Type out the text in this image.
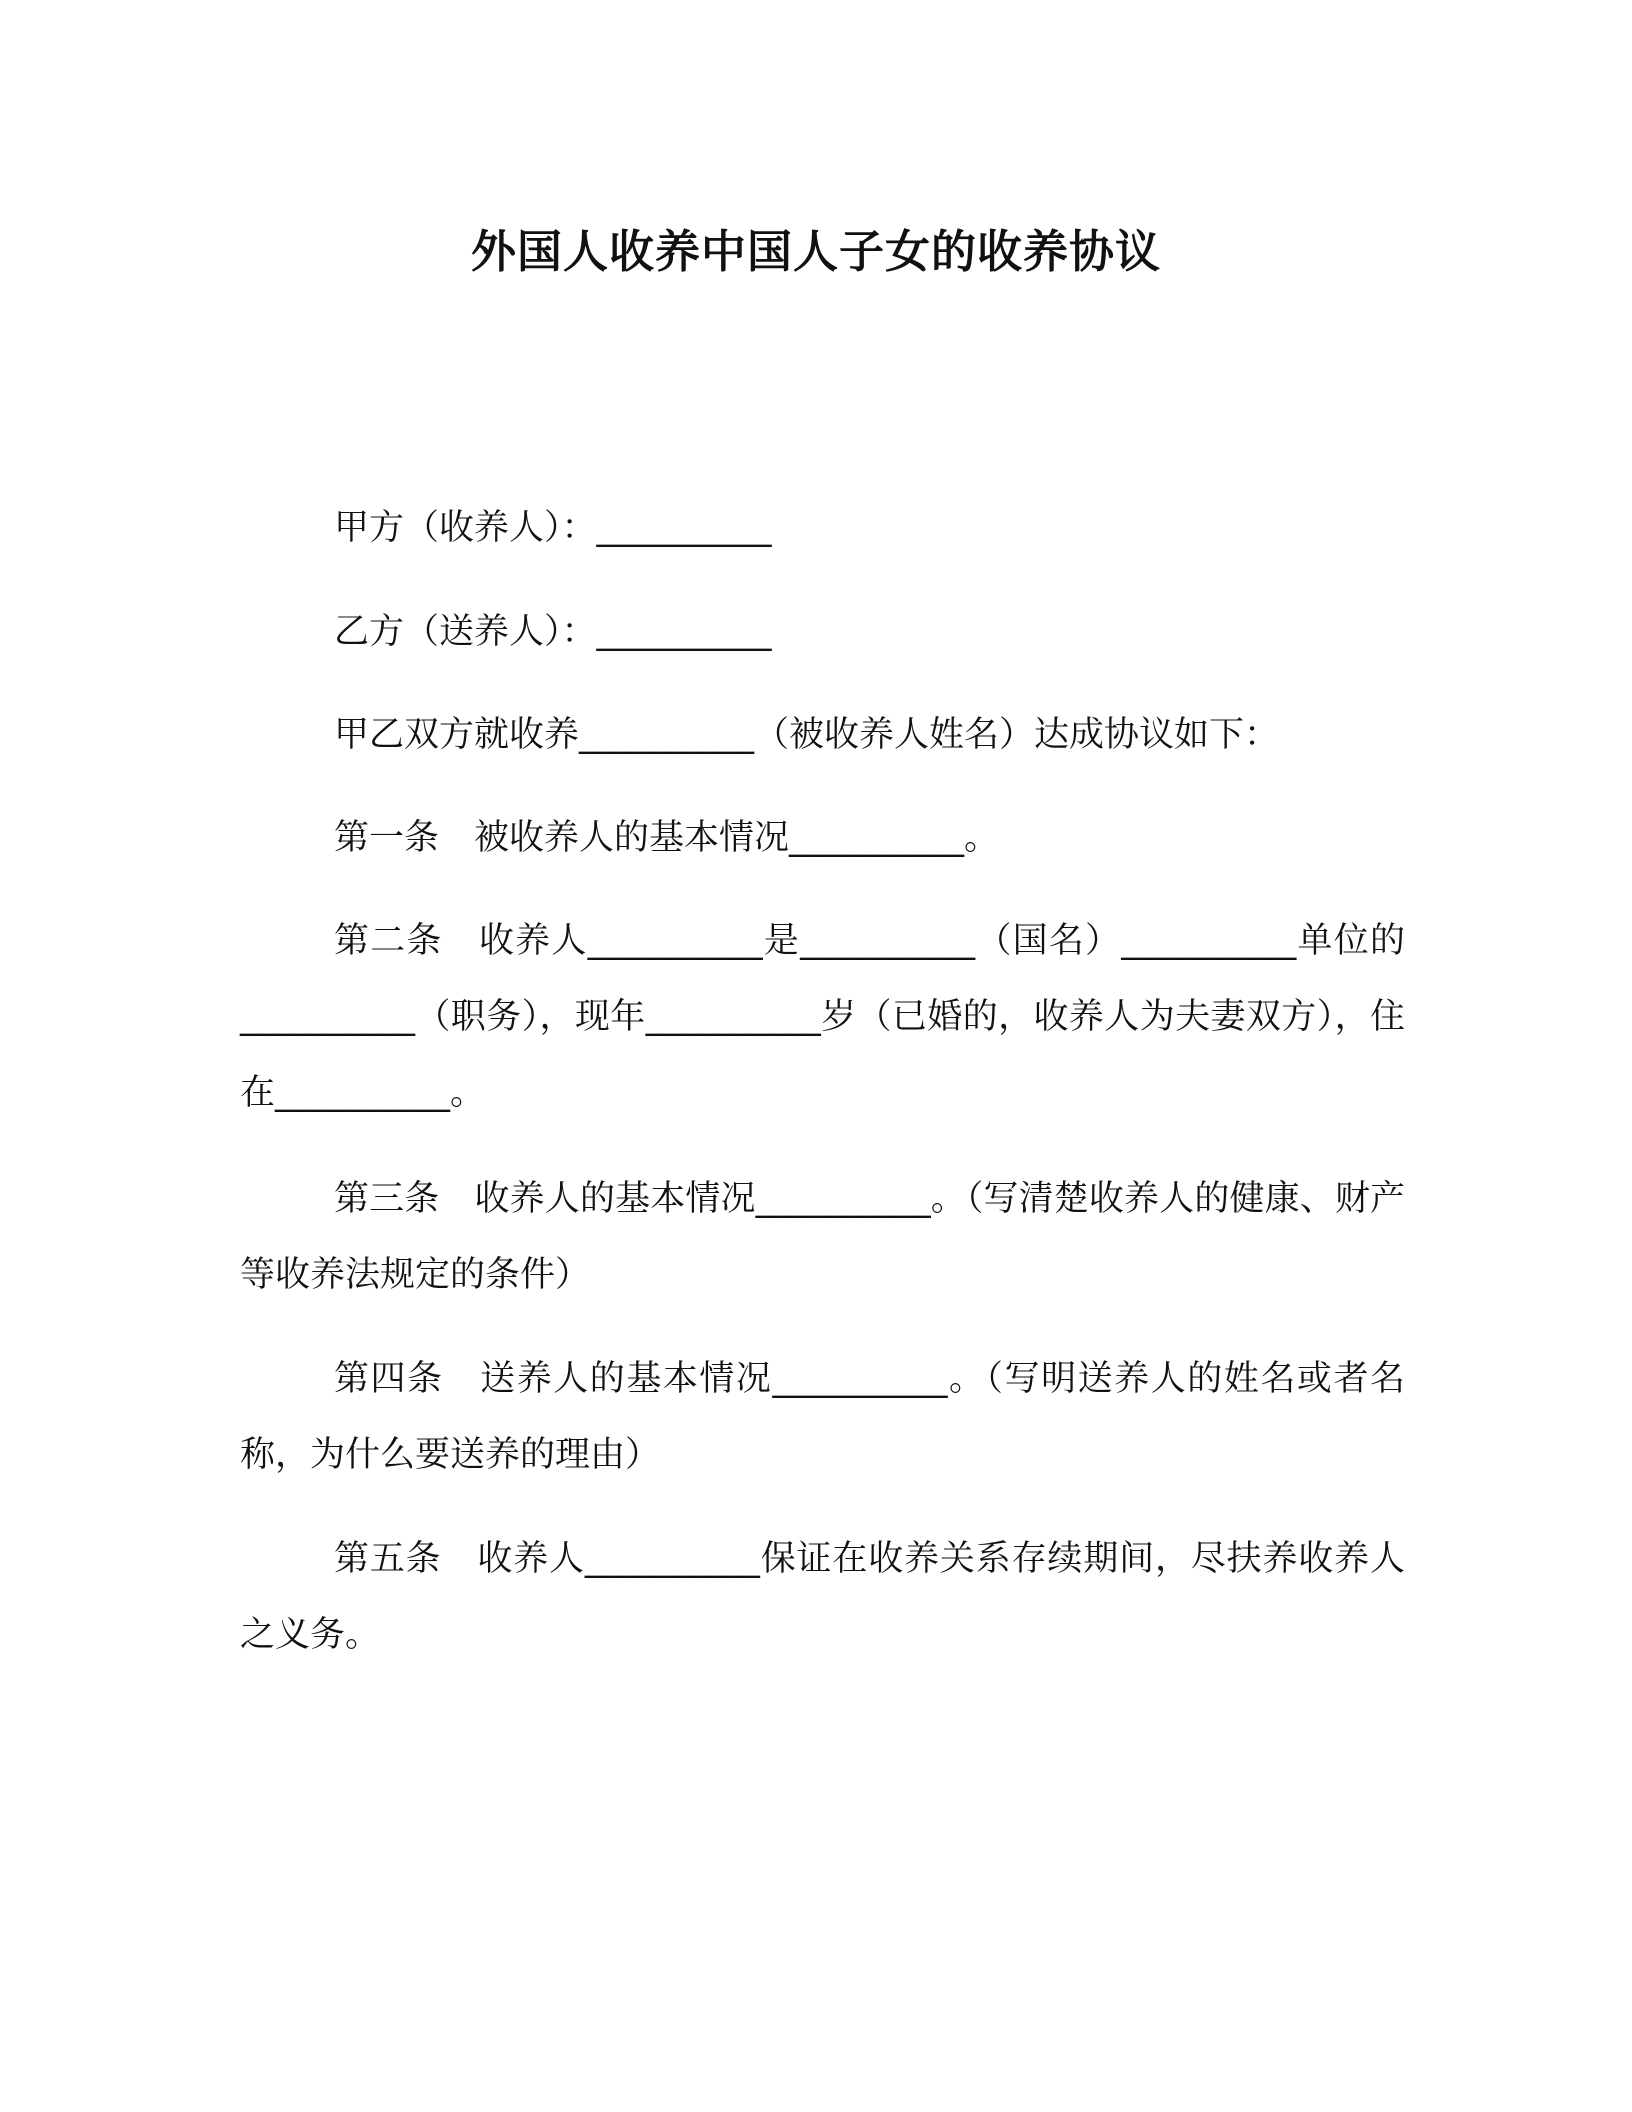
外国人收养中国人子女的收养协议

甲方（收养人）：__________

乙方（送养人）：__________

甲乙双方就收养__________（被收养人姓名）达成协议如下：

第一条　被收养人的基本情况__________。

第二条　收养人__________是__________（国名）__________单位的__________（职务），现年__________岁（已婚的，收养人为夫妻双方），住在__________。

第三条　收养人的基本情况__________。（写清楚收养人的健康、财产等收养法规定的条件）

第四条　送养人的基本情况__________。（写明送养人的姓名或者名称，为什么要送养的理由）

第五条　收养人__________保证在收养关系存续期间，尽扶养收养人之义务。
